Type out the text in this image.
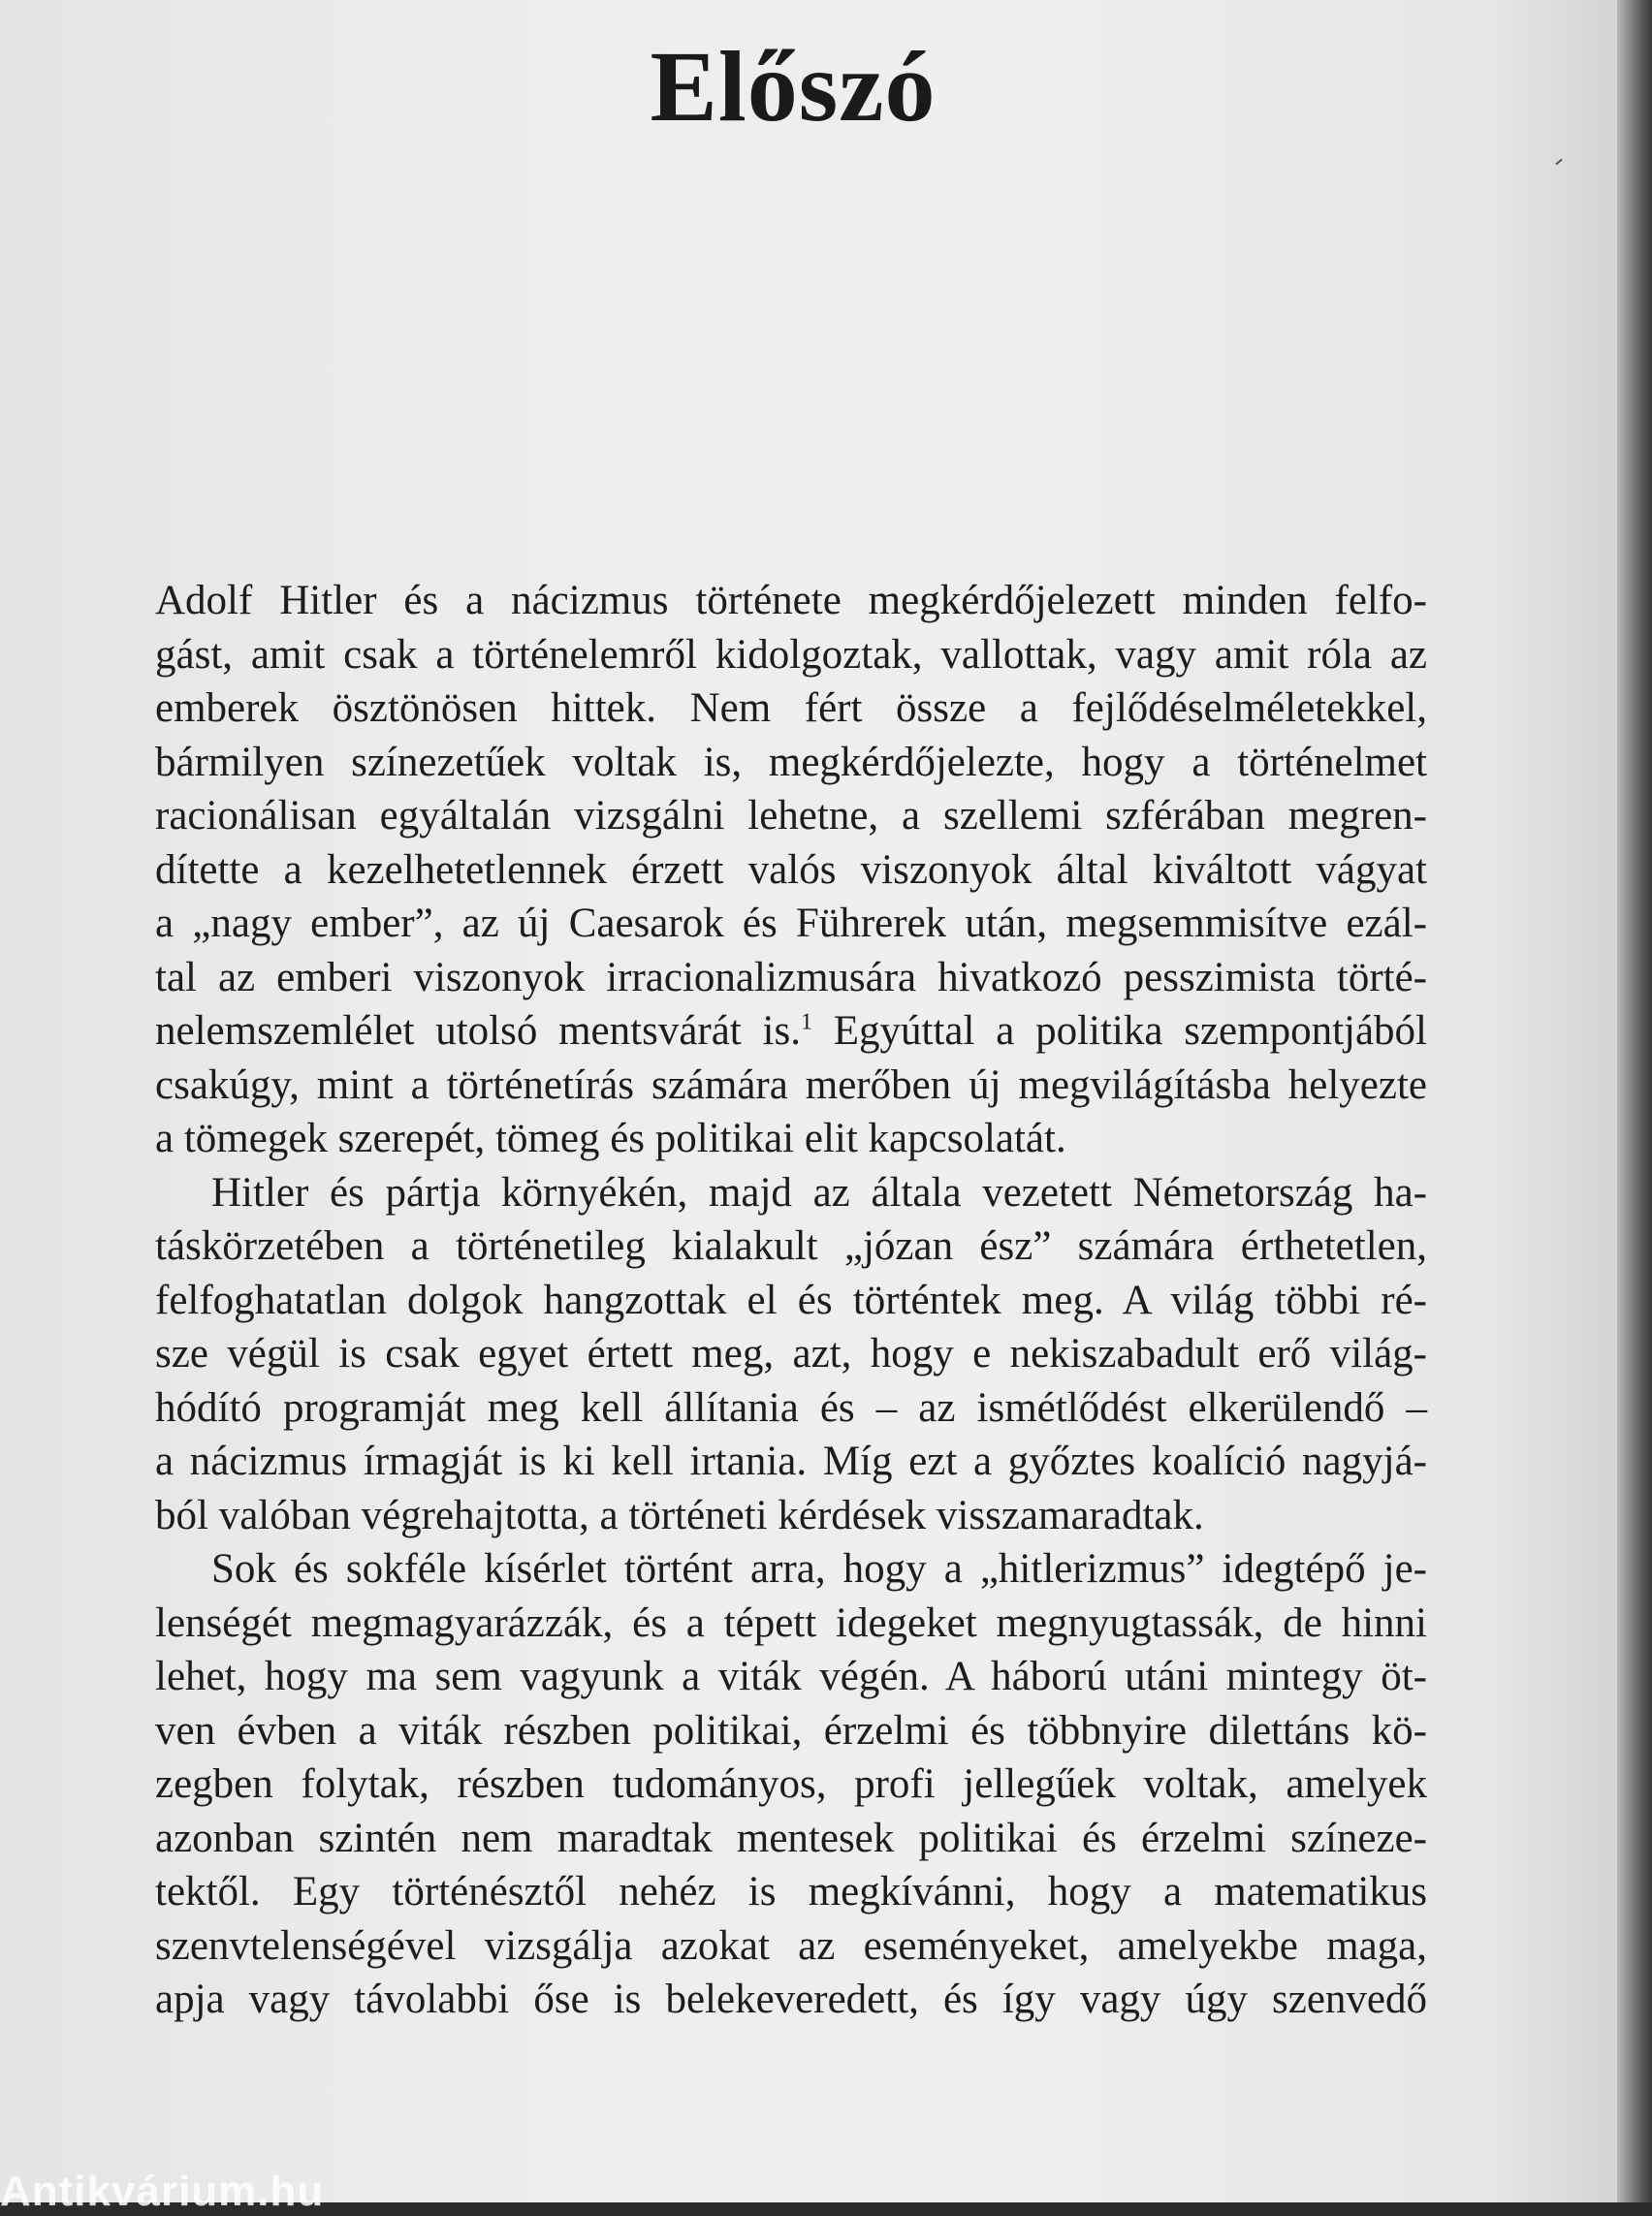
Előszó
Adolf Hitler és a nácizmus története megkérdőjelezett minden felfo-
gást, amit csak a történelemről kidolgoztak, vallottak, vagy amit róla az
emberek ösztönösen hittek. Nem fért össze a fejlődéselméletekkel,
bármilyen színezetűek voltak is, megkérdőjelezte, hogy a történelmet
racionálisan egyáltalán vizsgálni lehetne, a szellemi szférában megren-
dítette a kezelhetetlennek érzett valós viszonyok által kiváltott vágyat
a „nagy ember”, az új Caesarok és Führerek után, megsemmisítve ezál-
tal az emberi viszonyok irracionalizmusára hivatkozó pesszimista törté-
nelemszemlélet utolsó mentsvárát is.$^1$ Egyúttal a politika szempontjából
csakúgy, mint a történetírás számára merőben új megvilágításba helyezte
a tömegek szerepét, tömeg és politikai elit kapcsolatát.
Hitler és pártja környékén, majd az általa vezetett Németország ha-
táskörzetében a történetileg kialakult „józan ész” számára érthetetlen,
felfoghatatlan dolgok hangzottak el és történtek meg. A világ többi ré-
sze végül is csak egyet értett meg, azt, hogy e nekiszabadult erő világ-
hódító programját meg kell állítania és – az ismétlődést elkerülendő –
a nácizmus írmagját is ki kell irtania. Míg ezt a győztes koalíció nagyjá-
ból valóban végrehajtotta, a történeti kérdések visszamaradtak.
Sok és sokféle kísérlet történt arra, hogy a „hitlerizmus” idegtépő je-
lenségét megmagyarázzák, és a tépett idegeket megnyugtassák, de hinni
lehet, hogy ma sem vagyunk a viták végén. A háború utáni mintegy öt-
ven évben a viták részben politikai, érzelmi és többnyire dilettáns kö-
zegben folytak, részben tudományos, profi jellegűek voltak, amelyek
azonban szintén nem maradtak mentesek politikai és érzelmi színeze-
tektől. Egy történésztől nehéz is megkívánni, hogy a matematikus
szenvtelenségével vizsgálja azokat az eseményeket, amelyekbe maga,
apja vagy távolabbi őse is belekeveredett, és így vagy úgy szenvedő
Antikvárium.hu
